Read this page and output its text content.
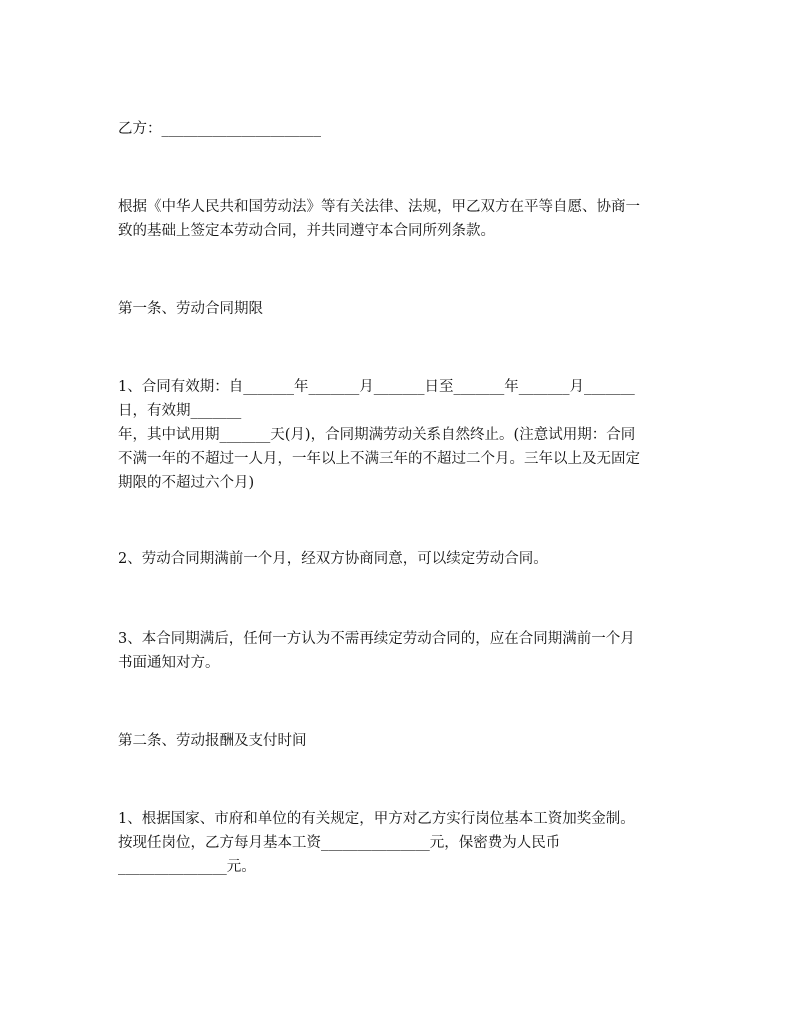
乙方：______________________
根据《中华人民共和国劳动法》等有关法律、法规，甲乙双方在平等自愿、协商一
致的基础上签定本劳动合同，并共同遵守本合同所列条款。
第一条、劳动合同期限
1、合同有效期：自_______年_______月_______日至_______年_______月_______
日，有效期_______
年，其中试用期_______天(月)，合同期满劳动关系自然终止。(注意试用期：合同
不满一年的不超过一人月，一年以上不满三年的不超过二个月。三年以上及无固定
期限的不超过六个月)
2、劳动合同期满前一个月，经双方协商同意，可以续定劳动合同。
3、本合同期满后，任何一方认为不需再续定劳动合同的，应在合同期满前一个月
书面通知对方。
第二条、劳动报酬及支付时间
1、根据国家、市府和单位的有关规定，甲方对乙方实行岗位基本工资加奖金制。
按现任岗位，乙方每月基本工资_______________元，保密费为人民币
_______________元。
